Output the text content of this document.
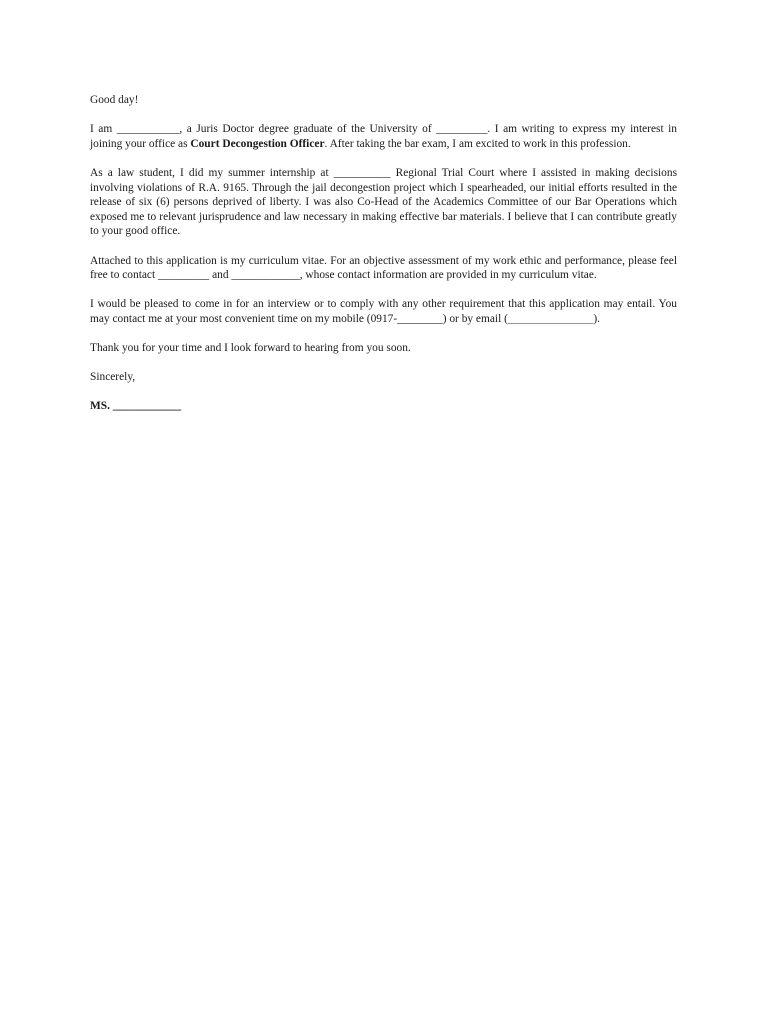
Good day!

I am ___________, a Juris Doctor degree graduate of the University of _________. I am writing to express my interest in joining your office as Court Decongestion Officer. After taking the bar exam, I am excited to work in this profession.

As a law student, I did my summer internship at __________ Regional Trial Court where I assisted in making decisions involving violations of R.A. 9165. Through the jail decongestion project which I spearheaded, our initial efforts resulted in the release of six (6) persons deprived of liberty. I was also Co-Head of the Academics Committee of our Bar Operations which exposed me to relevant jurisprudence and law necessary in making effective bar materials. I believe that I can contribute greatly to your good office.

Attached to this application is my curriculum vitae. For an objective assessment of my work ethic and performance, please feel free to contact _________ and ____________, whose contact information are provided in my curriculum vitae.

I would be pleased to come in for an interview or to comply with any other requirement that this application may entail. You may contact me at your most convenient time on my mobile (0917-________) or by email (_______________).

Thank you for your time and I look forward to hearing from you soon.

Sincerely,

MS. ____________
